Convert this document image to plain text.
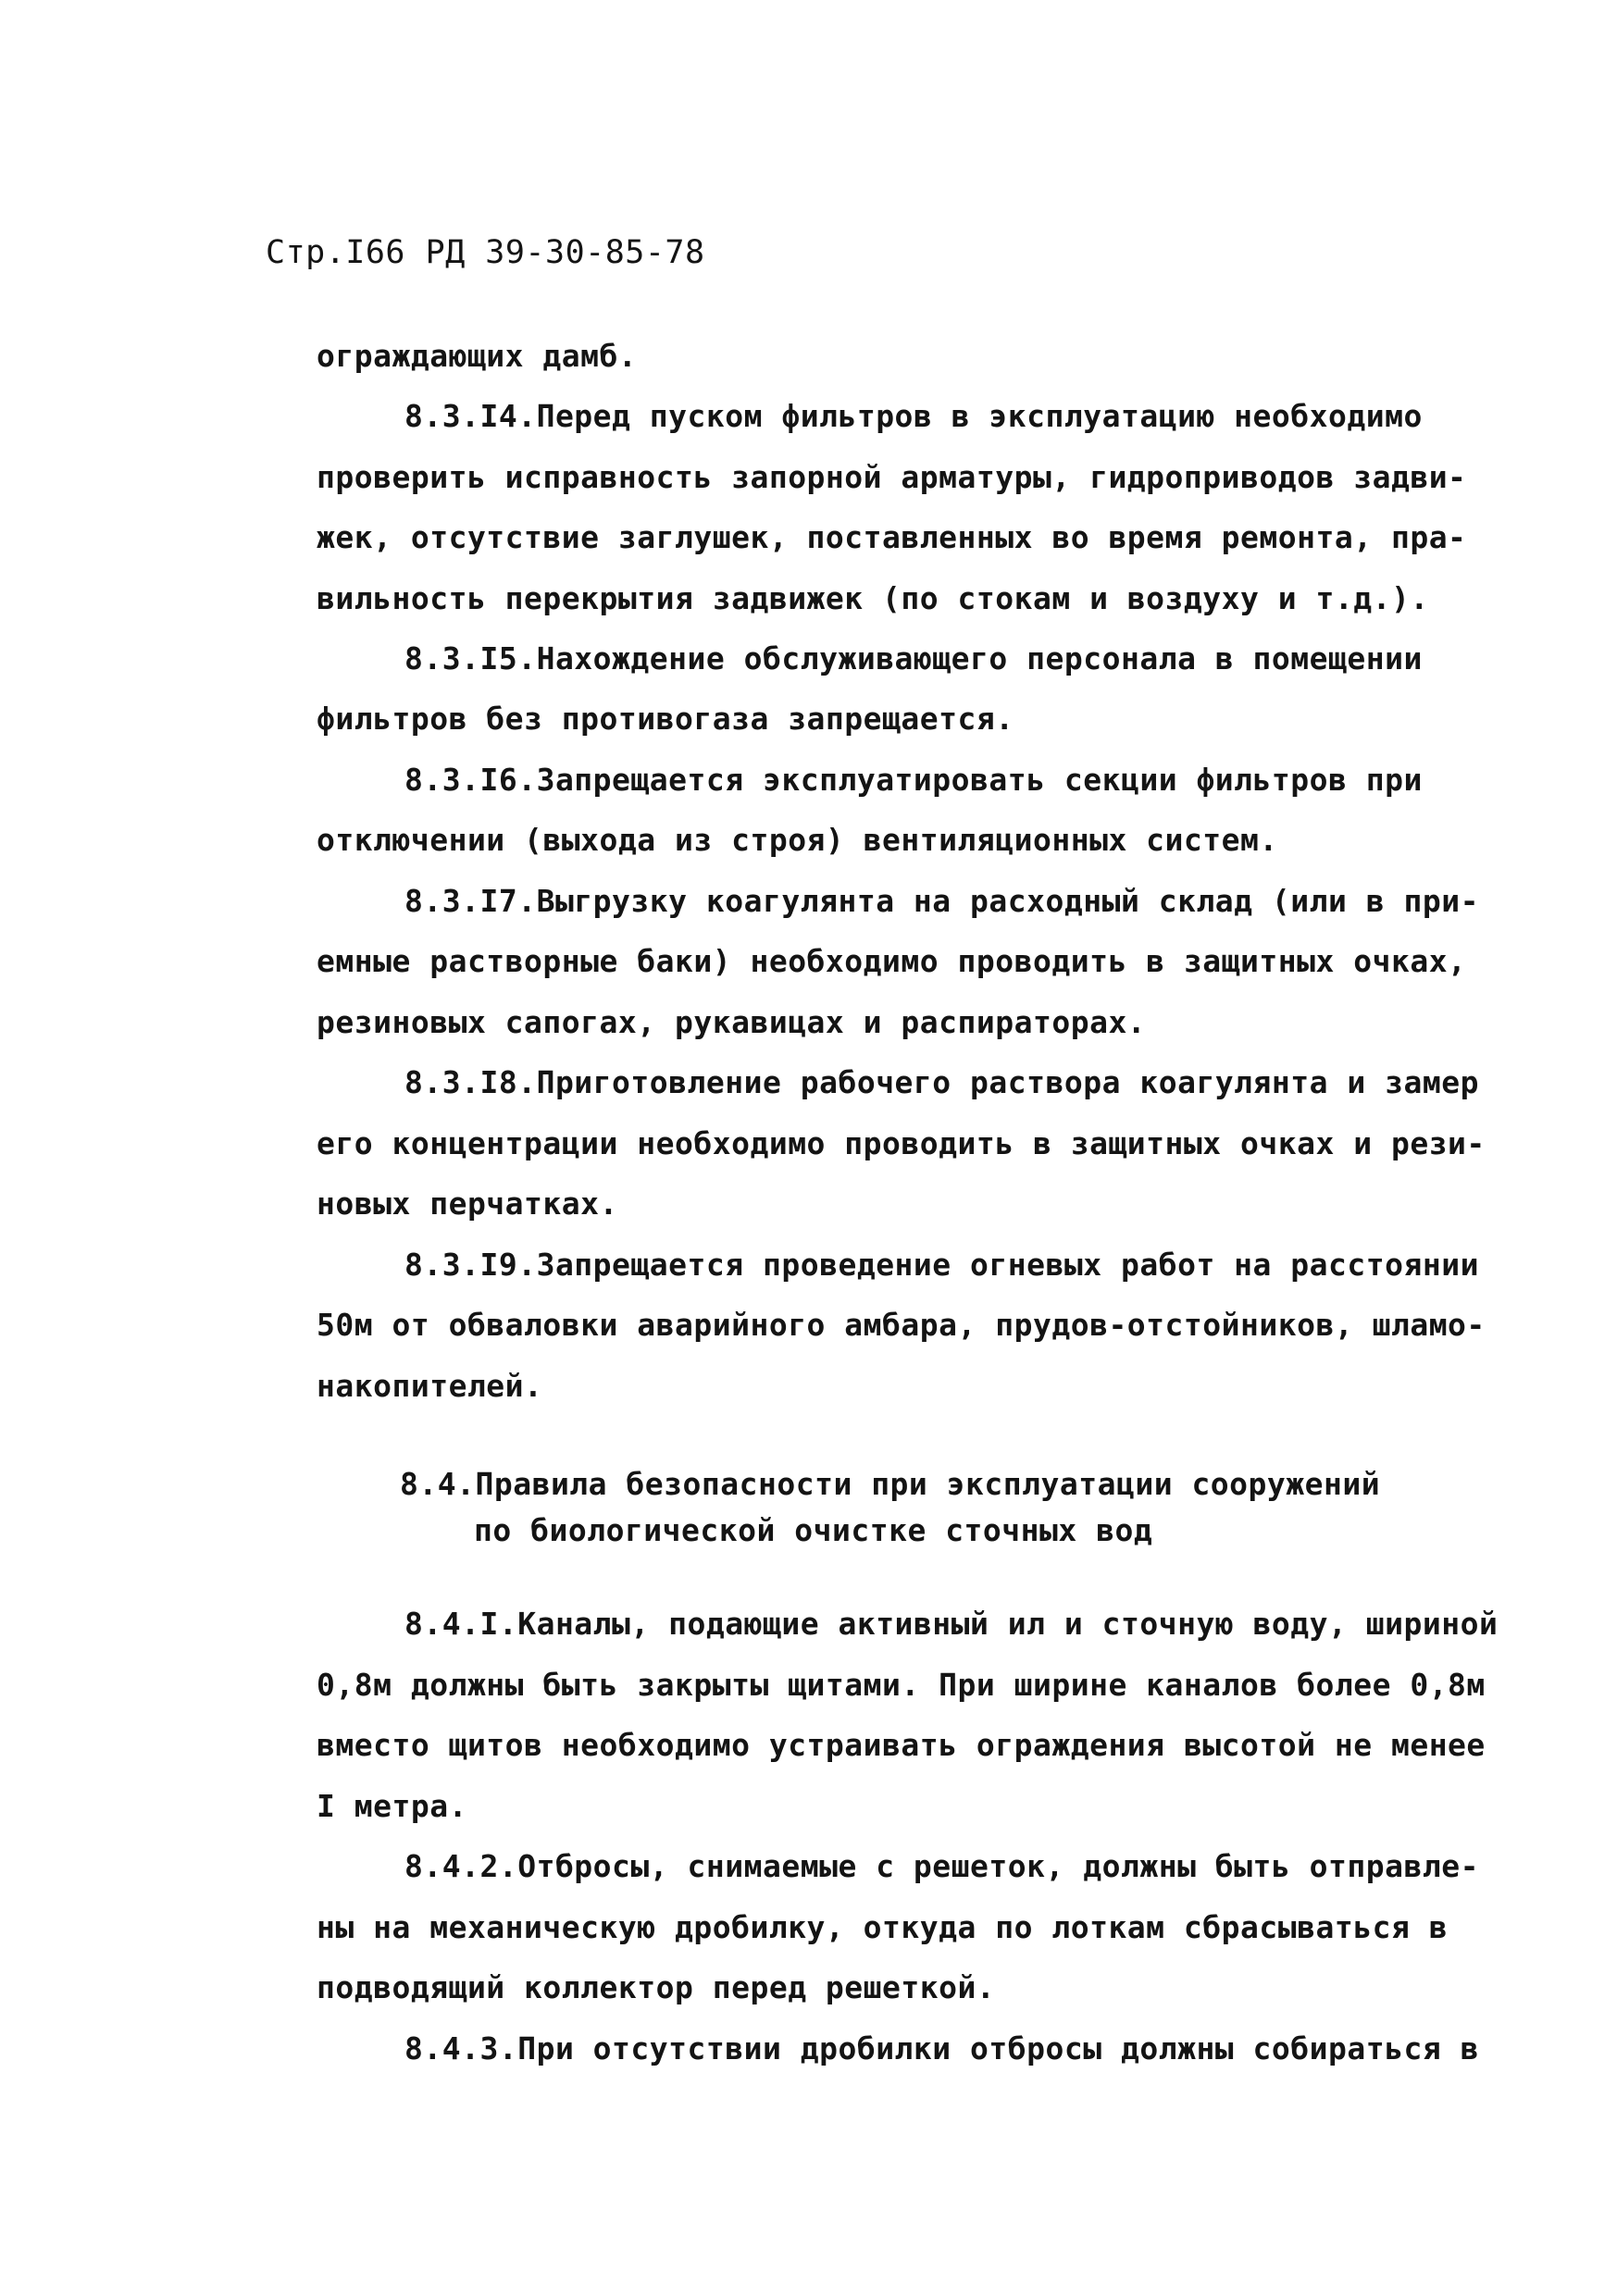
Стр.I66 РД 39-30-85-78
ограждающих дамб.
8.3.I4.Перед пуском фильтров в эксплуатацию необходимо
проверить исправность запорной арматуры, гидроприводов задви-
жек, отсутствие заглушек, поставленных во время ремонта, пра-
вильность перекрытия задвижек (по стокам и воздуху и т.д.).
8.3.I5.Нахождение обслуживающего персонала в помещении
фильтров без противогаза запрещается.
8.3.I6.Запрещается эксплуатировать секции фильтров при
отключении (выхода из строя) вентиляционных систем.
8.3.I7.Выгрузку коагулянта на расходный склад (или в при-
емные растворные баки) необходимо проводить в защитных очках,
резиновых сапогах, рукавицах и распираторах.
8.3.I8.Приготовление рабочего раствора коагулянта и замер
его концентрации необходимо проводить в защитных очках и рези-
новых перчатках.
8.3.I9.Запрещается проведение огневых работ на расстоянии
50м от обваловки аварийного амбара, прудов-отстойников, шламо-
накопителей.
8.4.Правила безопасности при эксплуатации сооружений
по биологической очистке сточных вод
8.4.I.Каналы, подающие активный ил и сточную воду, шириной
0,8м должны быть закрыты щитами. При ширине каналов более 0,8м
вместо щитов необходимо устраивать ограждения высотой не менее
I метра.
8.4.2.Отбросы, снимаемые с решеток, должны быть отправле-
ны на механическую дробилку, откуда по лоткам сбрасываться в
подводящий коллектор перед решеткой.
8.4.3.При отсутствии дробилки отбросы должны собираться в
